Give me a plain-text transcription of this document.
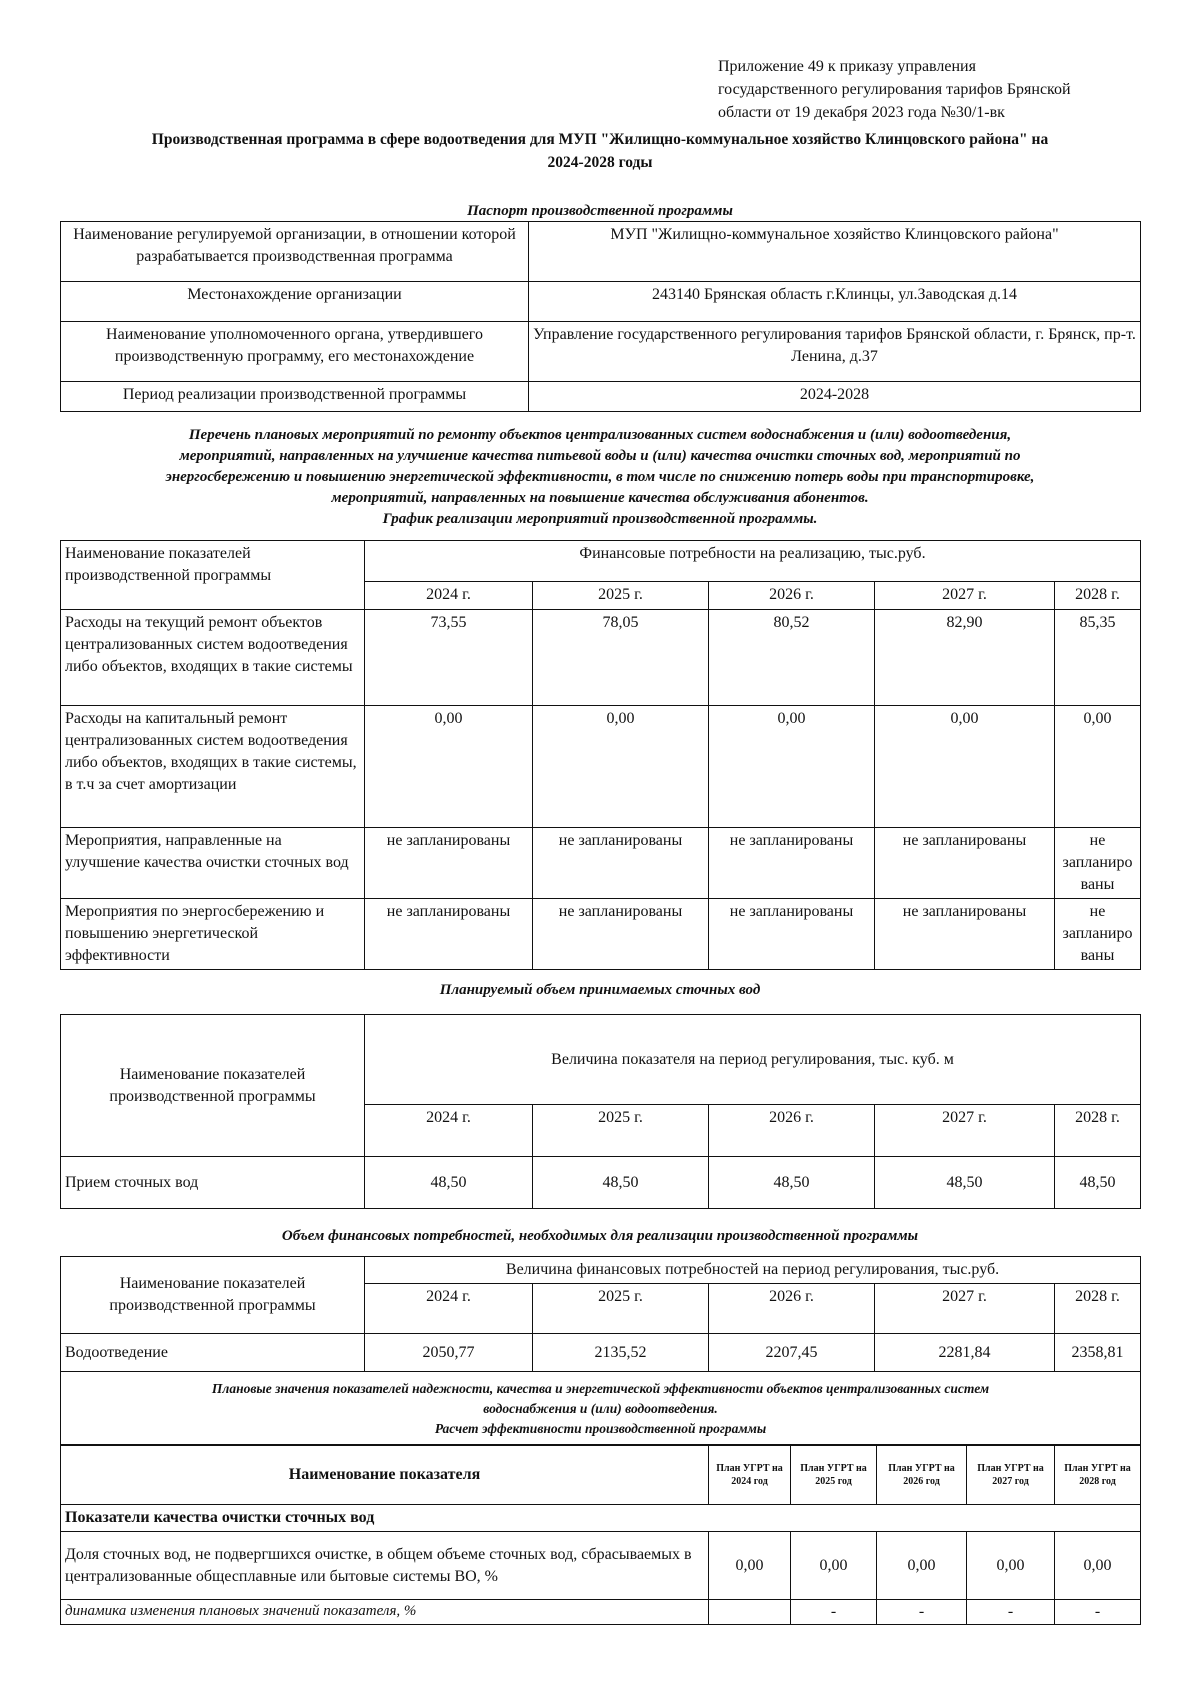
Приложение 49 к приказу управления
государственного регулирования тарифов Брянской
области от 19 декабря 2023 года №30/1-вк
Производственная программа в сфере водоотведения для МУП "Жилищно-коммунальное хозяйство Клинцовского района" на
2024-2028 годы
Паспорт производственной программы
Наименование регулируемой организации, в отношении которой разрабатывается производственная программа	МУП "Жилищно-коммунальное хозяйство Клинцовского района"
Местонахождение организации	243140 Брянская область г.Клинцы, ул.Заводская д.14
Наименование уполномоченного органа, утвердившего производственную программу, его местонахождение	Управление государственного регулирования тарифов Брянской области, г. Брянск, пр-т. Ленина, д.37
Период реализации производственной программы	2024-2028
Перечень плановых мероприятий по ремонту объектов централизованных систем водоснабжения и (или) водоотведения,
мероприятий, направленных на улучшение качества питьевой воды и (или) качества очистки сточных вод, мероприятий по
энергосбережению и повышению энергетической эффективности, в том числе по снижению потерь воды при транспортировке,
мероприятий, направленных на повышение качества обслуживания абонентов.
График реализации мероприятий производственной программы.
Наименование показателей производственной программы	Финансовые потребности на реализацию, тыс.руб.				
	2024 г.	2025 г.	2026 г.	2027 г.	2028 г.
Расходы на текущий ремонт объектов централизованных систем водоотведения либо объектов, входящих в такие системы	73,55	78,05	80,52	82,90	85,35
Расходы на капитальный ремонт централизованных систем водоотведения либо объектов, входящих в такие системы, в т.ч за счет амортизации	0,00	0,00	0,00	0,00	0,00
Мероприятия, направленные на улучшение качества очистки сточных вод	не запланированы	не запланированы	не запланированы	не запланированы	не запланиро ваны
Мероприятия по энергосбережению и повышению энергетической эффективности	не запланированы	не запланированы	не запланированы	не запланированы	не запланиро ваны
Планируемый объем принимаемых сточных вод
Наименование показателей производственной программы	Величина показателя на период регулирования, тыс. куб. м				
	2024 г.	2025 г.	2026 г.	2027 г.	2028 г.
Прием сточных вод	48,50	48,50	48,50	48,50	48,50
Объем финансовых потребностей, необходимых для реализации производственной программы
Наименование показателей производственной программы	Величина финансовых потребностей на период регулирования, тыс.руб.				
	2024 г.	2025 г.	2026 г.	2027 г.	2028 г.
Водоотведение	2050,77	2135,52	2207,45	2281,84	2358,81

Плановые значения показателей надежности, качества и энергетической эффективности объектов централизованных систем
водоснабжения и (или) водоотведения.
Расчет эффективности производственной программы					
Наименование показателя	План УГРТ на 2024 год	План УГРТ на 2025 год	План УГРТ на 2026 год	План УГРТ на 2027 год	План УГРТ на 2028 год
Показатели качества очистки сточных вод					
Доля сточных вод, не подвергшихся очистке, в общем объеме сточных вод, сбрасываемых в централизованные общесплавные или бытовые системы ВО, %	0,00	0,00	0,00	0,00	0,00
динамика изменения плановых значений показателя, %		-	-	-	-
